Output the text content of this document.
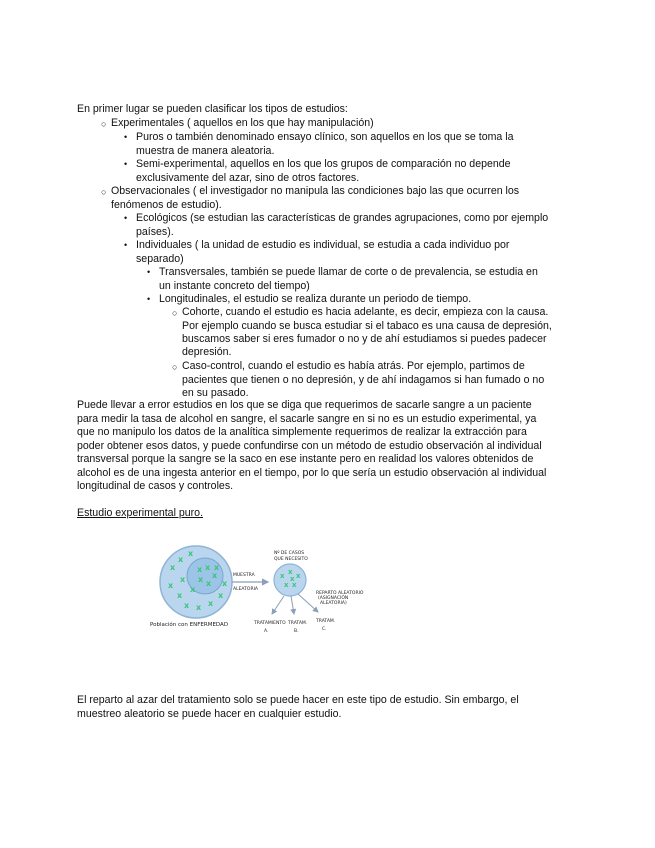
En primer lugar se pueden clasificar los tipos de estudios:
○ Experimentales ( aquellos en los que hay manipulación)
• Puros o también denominado ensayo clínico, son aquellos en los que se toma la
muestra de manera aleatoria.
• Semi-experimental, aquellos en los que los grupos de comparación no depende
exclusivamente del azar, sino de otros factores.
○ Observacionales ( el investigador no manipula las condiciones bajo las que ocurren los
fenómenos de estudio).
• Ecológicos (se estudian las características de grandes agrupaciones, como por ejemplo
países).
• Individuales ( la unidad de estudio es individual, se estudia a cada individuo por
separado)
• Transversales, también se puede llamar de corte o de prevalencia, se estudia en
un instante concreto del tiempo)
• Longitudinales, el estudio se realiza durante un periodo de tiempo.
○ Cohorte, cuando el estudio es hacia adelante, es decir, empieza con la causa.
Por ejemplo cuando se busca estudiar si el tabaco es una causa de depresión,
buscamos saber si eres fumador o no y de ahí estudiamos si puedes padecer
depresión.
○ Caso-control, cuando el estudio es había atrás. Por ejemplo, partimos de
pacientes que tienen o no depresión, y de ahí indagamos si han fumado o no
en su pasado.
Puede llevar a error estudios en los que se diga que requerimos de sacarle sangre a un paciente
para medir la tasa de alcohol en sangre, el sacarle sangre en si no es un estudio experimental, ya
que no manipulo los datos de la analítica simplemente requerimos de realizar la extracción para
poder obtener esos datos, y puede confundirse con un método de estudio observación al individual
transversal porque la sangre se la saco en ese instante pero en realidad los valores obtenidos de
alcohol es de una ingesta anterior en el tiempo, por lo que sería un estudio observación al individual
longitudinal de casos y controles.
Estudio experimental puro.
x
x
x
x
x x x
x
x
x
x
x
x x
x
x x
x
MUESTRA
ALEATORIA
x x x
x x
x
Nº DE CASOS
QUE NECESITO
REPARTO ALEATORIO
(ASIGNACIÓN
ALEATORIA)
TRATAMIENTO
A.
TRATAM.
B.
TRATAM.
C.
Población con ENFERMEDAD
El reparto al azar del tratamiento solo se puede hacer en este tipo de estudio. Sin embargo, el
muestreo aleatorio se puede hacer en cualquier estudio.
